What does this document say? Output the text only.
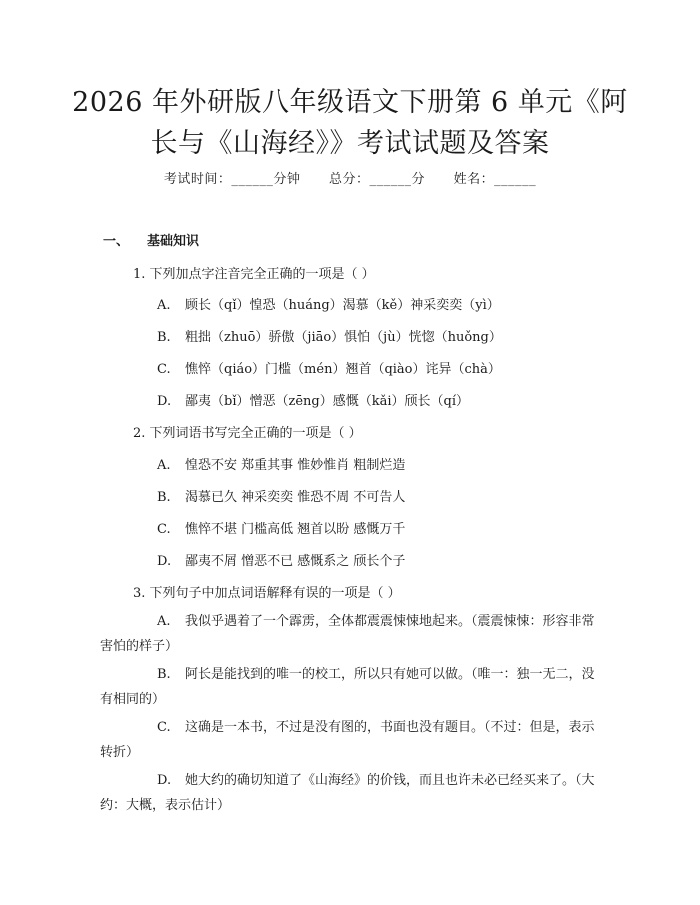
2026 年外研版八年级语文下册第 6 单元《阿
长与《山海经》》考试试题及答案
考试时间：______分钟 总分：______分 姓名：______
一、 基础知识
1. 下列加点字注音完全正确的一项是（ ）
A. 顾长（qǐ）惶恐（huáng）渴慕（kě）神采奕奕（yì）
B. 粗拙（zhuō）骄傲（jiāo）惧怕（jù）恍惚（huǒng）
C. 憔悴（qiáo）门槛（mén）翘首（qiào）诧异（chà）
D. 鄙夷（bǐ）憎恶（zēng）感慨（kǎi）颀长（qí）
2. 下列词语书写完全正确的一项是（ ）
A. 惶恐不安 郑重其事 惟妙惟肖 粗制烂造
B. 渴慕已久 神采奕奕 惟恐不周 不可告人
C. 憔悴不堪 门槛高低 翘首以盼 感慨万千
D. 鄙夷不屑 憎恶不已 感慨系之 颀长个子
3. 下列句子中加点词语解释有误的一项是（ ）
A. 我似乎遇着了一个霹雳，全体都震震悚悚地起来。（震震悚悚：形容非常害怕的样子）
B. 阿长是能找到的唯一的校工，所以只有她可以做。（唯一：独一无二，没有相同的）
C. 这确是一本书，不过是没有图的，书面也没有题目。（不过：但是，表示转折）
D. 她大约的确切知道了《山海经》的价钱，而且也许未必已经买来了。（大约：大概，表示估计）
